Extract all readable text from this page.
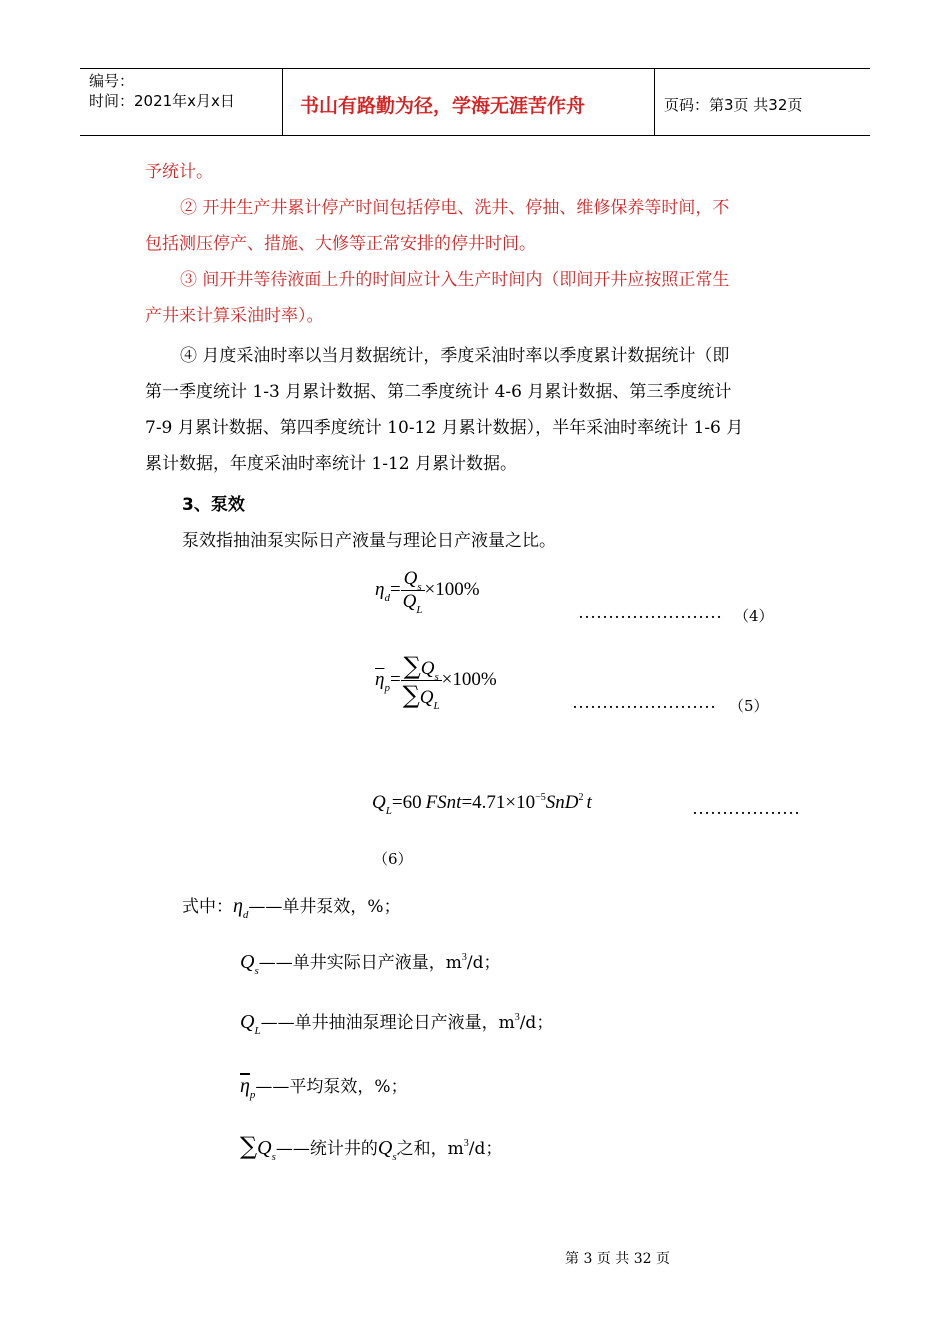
编号：
时间：2021年x月x日	书山有路勤为径，学海无涯苦作舟	页码：第3页 共32页
予统计。
② 开井生产井累计停产时间包括停电、洗井、停抽、维修保养等时间，不
包括测压停产、措施、大修等正常安排的停井时间。
③ 间开井等待液面上升的时间应计入生产时间内（即间开井应按照正常生
产井来计算采油时率）。
④ 月度采油时率以当月数据统计，季度采油时率以季度累计数据统计（即
第一季度统计 1-3 月累计数据、第二季度统计 4-6 月累计数据、第三季度统计
7-9 月累计数据、第四季度统计 10-12 月累计数据），半年采油时率统计 1-6 月
累计数据，年度采油时率统计 1-12 月累计数据。
3、泵效
泵效指抽油泵实际日产液量与理论日产液量之比。
$\eta_d= \frac{Q_s}{Q_L} \times 100\%$
…………………… （4）
$\overline{\eta}_p= \frac{\sum Q_s}{\sum Q_L} \times 100\%$
…………………… （5）
$Q_L=60$ $FSnt=4.71\times 10^{-5}SnD^2$ t	………………
（6）
式中：$\eta_d——$单井泵效，%；
$Q_s——$单井实际日产液量，$m^3/d$；
$Q_L——$单井抽油泵理论日产液量，$m^3/d$；
$\overline{\eta}_p——$平均泵效，%；
$\sum Q_s——$统计井的$Q_s$之和，$m^3/d$；
第 3 页 共 32 页
